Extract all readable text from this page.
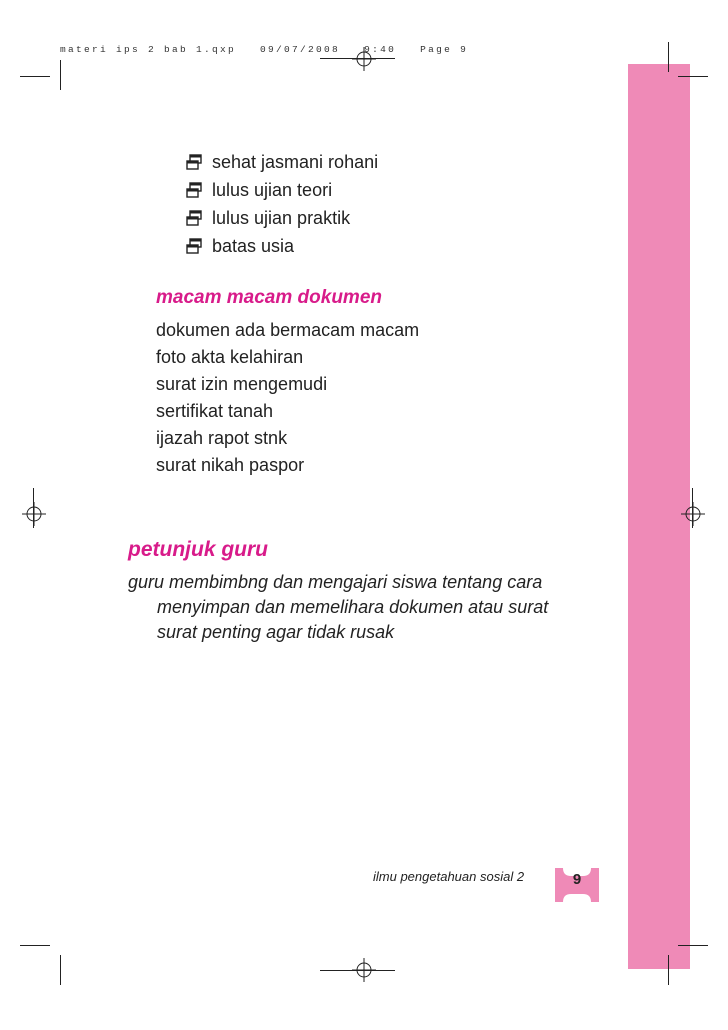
materi ips 2 bab 1.qxp	09/07/2008	9:40	Page 9
sehat jasmani rohani
lulus ujian teori
lulus ujian praktik
batas usia
macam macam dokumen
dokumen ada bermacam macam
foto akta kelahiran
surat izin mengemudi
sertifikat tanah
ijazah rapot stnk
surat nikah paspor
petunjuk guru
guru membimbng dan mengajari siswa tentang cara
menyimpan dan memelihara dokumen atau surat
surat penting agar tidak rusak
ilmu pengetahuan sosial 2	9
